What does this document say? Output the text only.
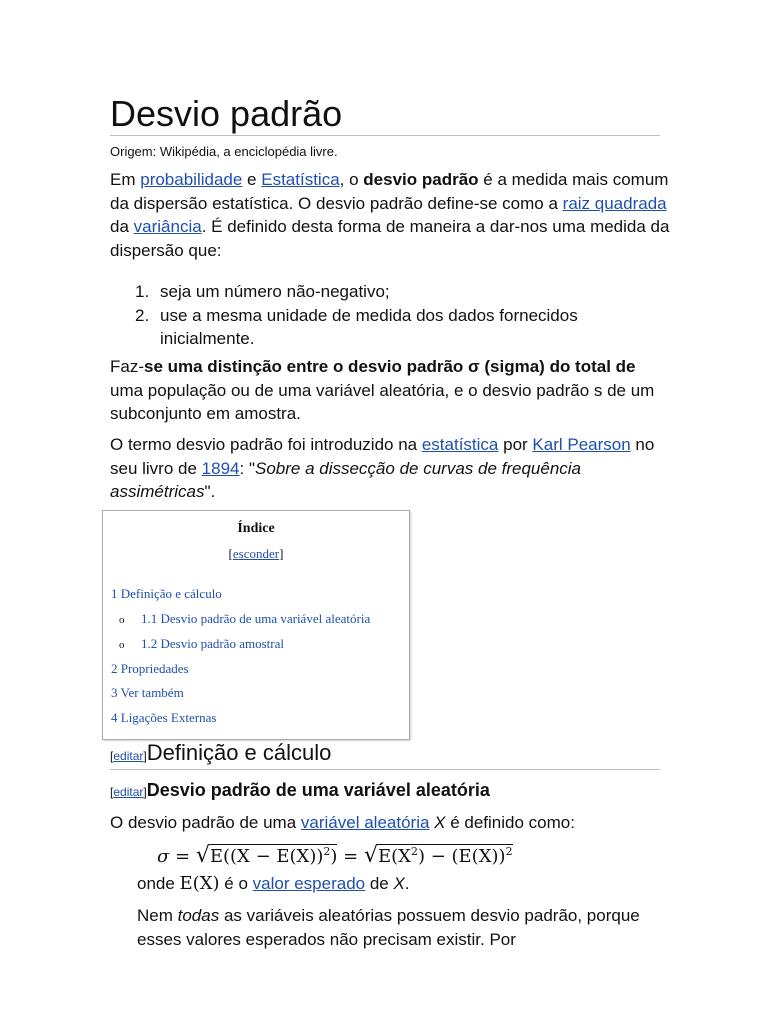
Desvio padrão
Origem: Wikipédia, a enciclopédia livre.

Em probabilidade e Estatística, o desvio padrão é a medida mais comum da dispersão estatística. O desvio padrão define-se como a raiz quadrada da variância. É definido desta forma de maneira a dar-nos uma medida da dispersão que:

1. seja um número não-negativo;
2. use a mesma unidade de medida dos dados fornecidos inicialmente.

Faz-se uma distinção entre o desvio padrão σ (sigma) do total de uma população ou de uma variável aleatória, e o desvio padrão s de um subconjunto em amostra.

O termo desvio padrão foi introduzido na estatística por Karl Pearson no seu livro de 1894: "Sobre a dissecção de curvas de frequência assimétricas".

Índice
[esconder]
1 Definição e cálculo
o 1.1 Desvio padrão de uma variável aleatória
o 1.2 Desvio padrão amostral
2 Propriedades
3 Ver também
4 Ligações Externas
[editar]Definição e cálculo
[editar]Desvio padrão de uma variável aleatória

O desvio padrão de uma variável aleatória X é definido como:

$\sigma = √E((X - E(X))^2) = √E(X^2) - (E(X))^2$

onde E(X) é o valor esperado de X.

Nem todas as variáveis aleatórias possuem desvio padrão, porque esses valores esperados não precisam existir. Por
